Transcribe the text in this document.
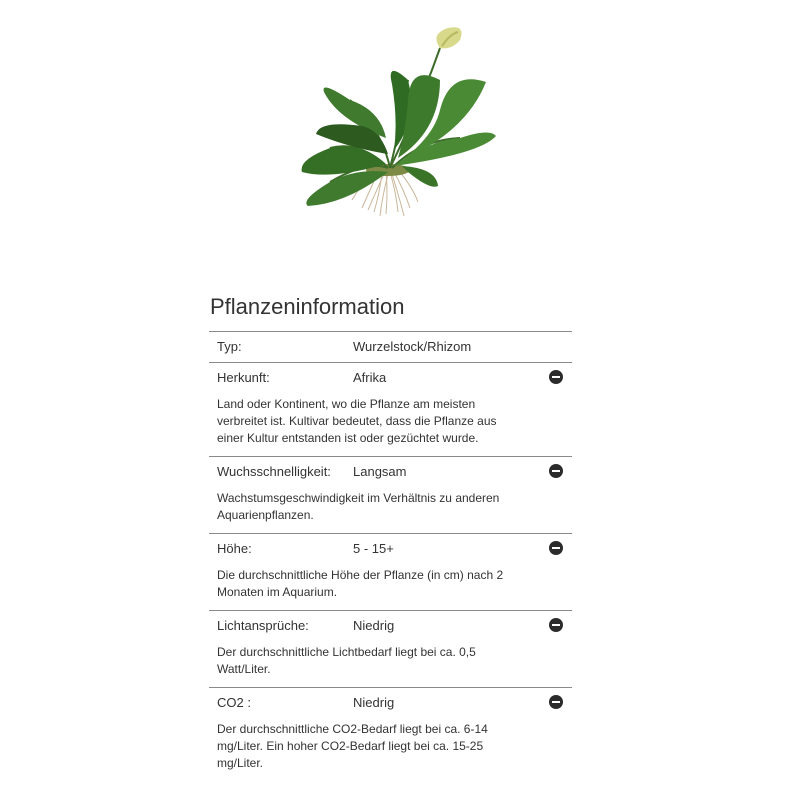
Pflanzeninformation
Typ:	Wurzelstock/Rhizom
Herkunft:	Afrika
Land oder Kontinent, wo die Pflanze am meisten verbreitet ist. Kultivar bedeutet, dass die Pflanze aus einer Kultur entstanden ist oder gezüchtet wurde.
Wuchsschnelligkeit:	Langsam
Wachstumsgeschwindigkeit im Verhältnis zu anderen Aquarienpflanzen.
Höhe:	5 - 15+
Die durchschnittliche Höhe der Pflanze (in cm) nach 2 Monaten im Aquarium.
Lichtansprüche:	Niedrig
Der durchschnittliche Lichtbedarf liegt bei ca. 0,5 Watt/Liter.
CO2 :	Niedrig
Der durchschnittliche CO2-Bedarf liegt bei ca. 6-14 mg/Liter. Ein hoher CO2-Bedarf liegt bei ca. 15-25 mg/Liter.
